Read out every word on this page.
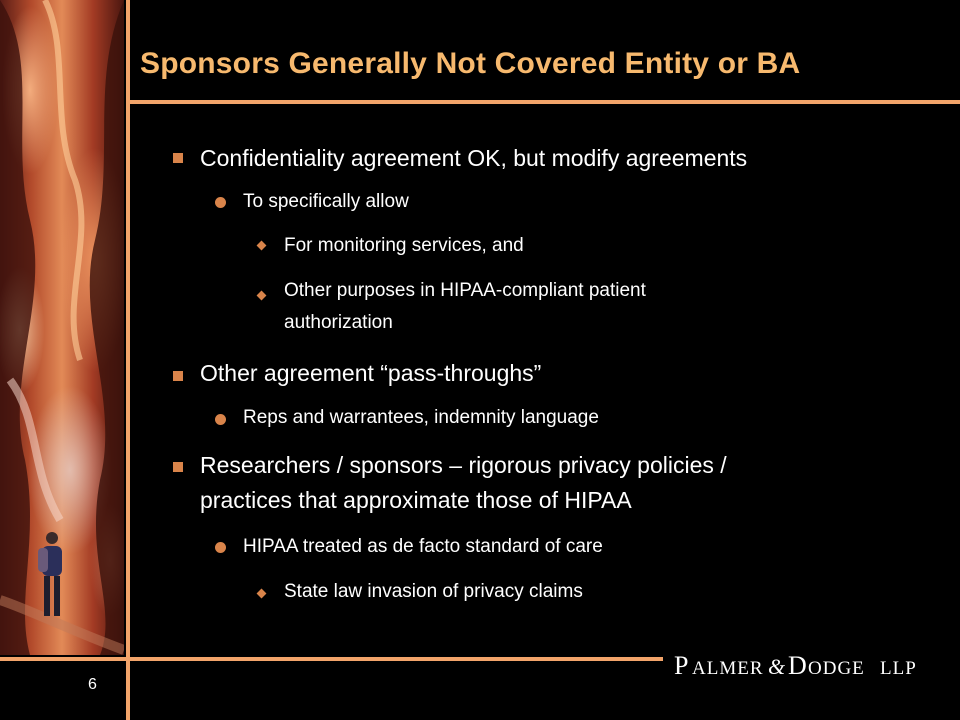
Sponsors Generally Not Covered Entity or BA
Confidentiality agreement OK, but modify agreements
To specifically allow
For monitoring services, and
Other purposes in HIPAA-compliant patient
authorization
Other agreement “pass-throughs”
Reps and warrantees, indemnity language
Researchers / sponsors – rigorous privacy policies /
practices that approximate those of HIPAA
HIPAA treated as de facto standard of care
State law invasion of privacy claims
6
P ALMER & D ODGE LLP
